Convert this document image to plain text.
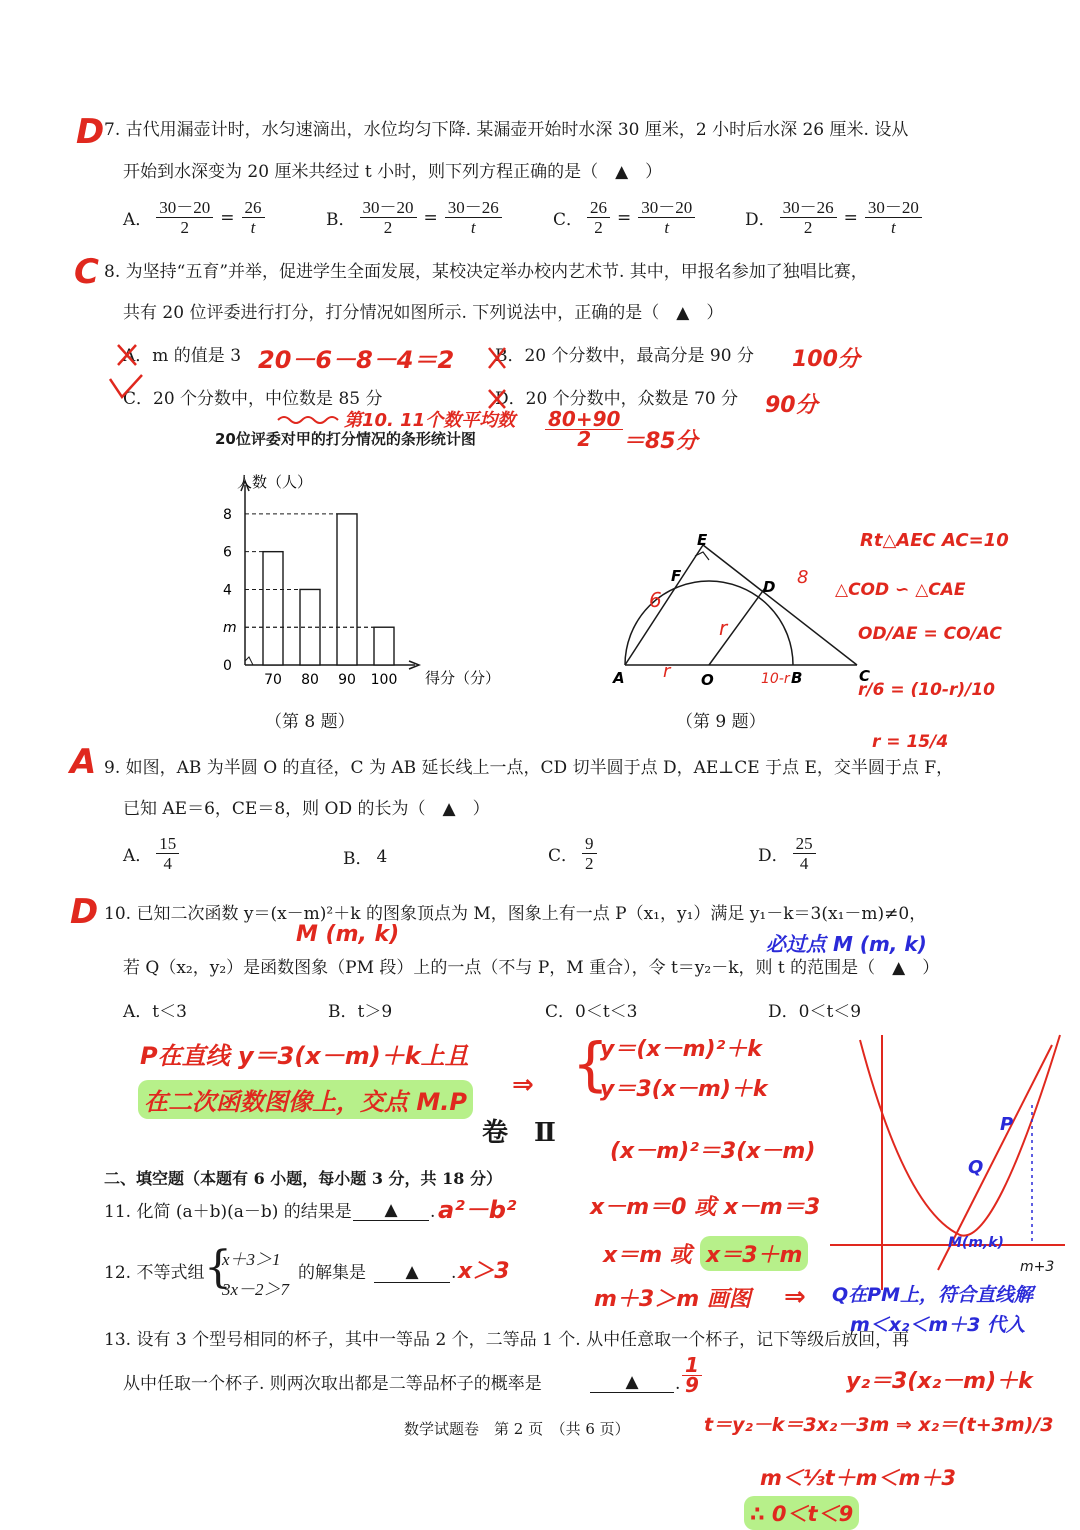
D 7. 古代用漏壶计时，水匀速滴出，水位均匀下降. 某漏壶开始时水深 30 厘米，2 小时后水深 26 厘米. 设从
开始到水深变为 20 厘米共经过 t 小时，则下列方程正确的是（　▲　）
A． $\frac{30-20}{2} = \frac{26}{t}$	B． $\frac{30-20}{2} = \frac{30-26}{t}$	C． $\frac{26}{2} = \frac{30-20}{t}$	D． $\frac{30-26}{2} = \frac{30-20}{t}$
C 8. 为坚持“五育”并举，促进学生全面发展，某校决定举办校内艺术节. 其中，甲报名参加了独唱比赛，
共有 20 位评委进行打分，打分情况如图所示. 下列说法中，正确的是（　▲　）
A．m 的值是 3	B．20 个分数中，最高分是 90 分
C．20 个分数中，中位数是 85 分	D．20 个分数中，众数是 70 分
20－6－8－4＝2	100分
第10. 11个数平均数 $\frac{80+90}{2} =85$分
90分
20位评委对甲的打分情况的条形统计图
人数（人）
得分（分）
0
m
4
6
8
70 80 90 100
（第 8 题）
E
F
D
A	O	B	C
6
8
r
r	10-r
（第 9 题）
Rt△AEC AC=10
△COD ∽ △CAE
OD/AE = CO/AC
r/6 = (10-r)/10
r = 15/4
A 9. 如图，AB 为半圆 O 的直径，C 为 AB 延长线上一点，CD 切半圆于点 D，AE⊥CE 于点 E，交半圆于点 F，
已知 AE＝6，CE＝8，则 OD 的长为（　▲　）
A． $\frac{15}{4}$	B． 4	C． $\frac{9}{2}$	D． $\frac{25}{4}$
D 10. 已知二次函数 y＝(x－m)²＋k 的图象顶点为 M，图象上有一点 P（x₁，y₁）满足 y₁－k＝3(x₁－m)≠0，
M (m, k)	必过点 M (m, k)
若 Q（x₂，y₂）是函数图象（PM 段）上的一点（不与 P，M 重合），令 t＝y₂－k，则 t 的范围是（　▲　）
A．t＜3	B．t＞9	C．0＜t＜3	D．0＜t＜9
P在直线 y＝3(x－m)＋k上且
在二次函数图像上，交点 M.P
⇒ {
y＝(x－m)²＋k
y＝3(x－m)＋k
卷　Ⅱ
(x－m)²＝3(x－m)
二、填空题（本题有 6 小题，每小题 3 分，共 18 分）
x－m＝0 或 x－m＝3
x＝m 或 x＝3＋m
m＋3＞m 画图 ⇒ Q在PM上，符合直线解
m＜x₂＜m＋3 代入
P
Q
M(m,k)
m+3
11. 化简 (a＋b)(a－b) 的结果是	▲	. a²－b²
12. 不等式组 {
x＋3＞1
3x－2＞7
的解集是	▲	. x＞3
13. 设有 3 个型号相同的杯子，其中一等品 2 个，二等品 1 个. 从中任意取一个杯子，记下等级后放回，再
从中任取一个杯子. 则两次取出都是二等品杯子的概率是	▲	. $\frac{1}{9}$	y₂＝3(x₂－m)＋k
t＝y₂－k＝3x₂－3m ⇒ x₂＝(t+3m)/3
m＜⅓t＋m＜m＋3
∴ 0＜t＜9
数学试题卷　第 2 页　（共 6 页）
